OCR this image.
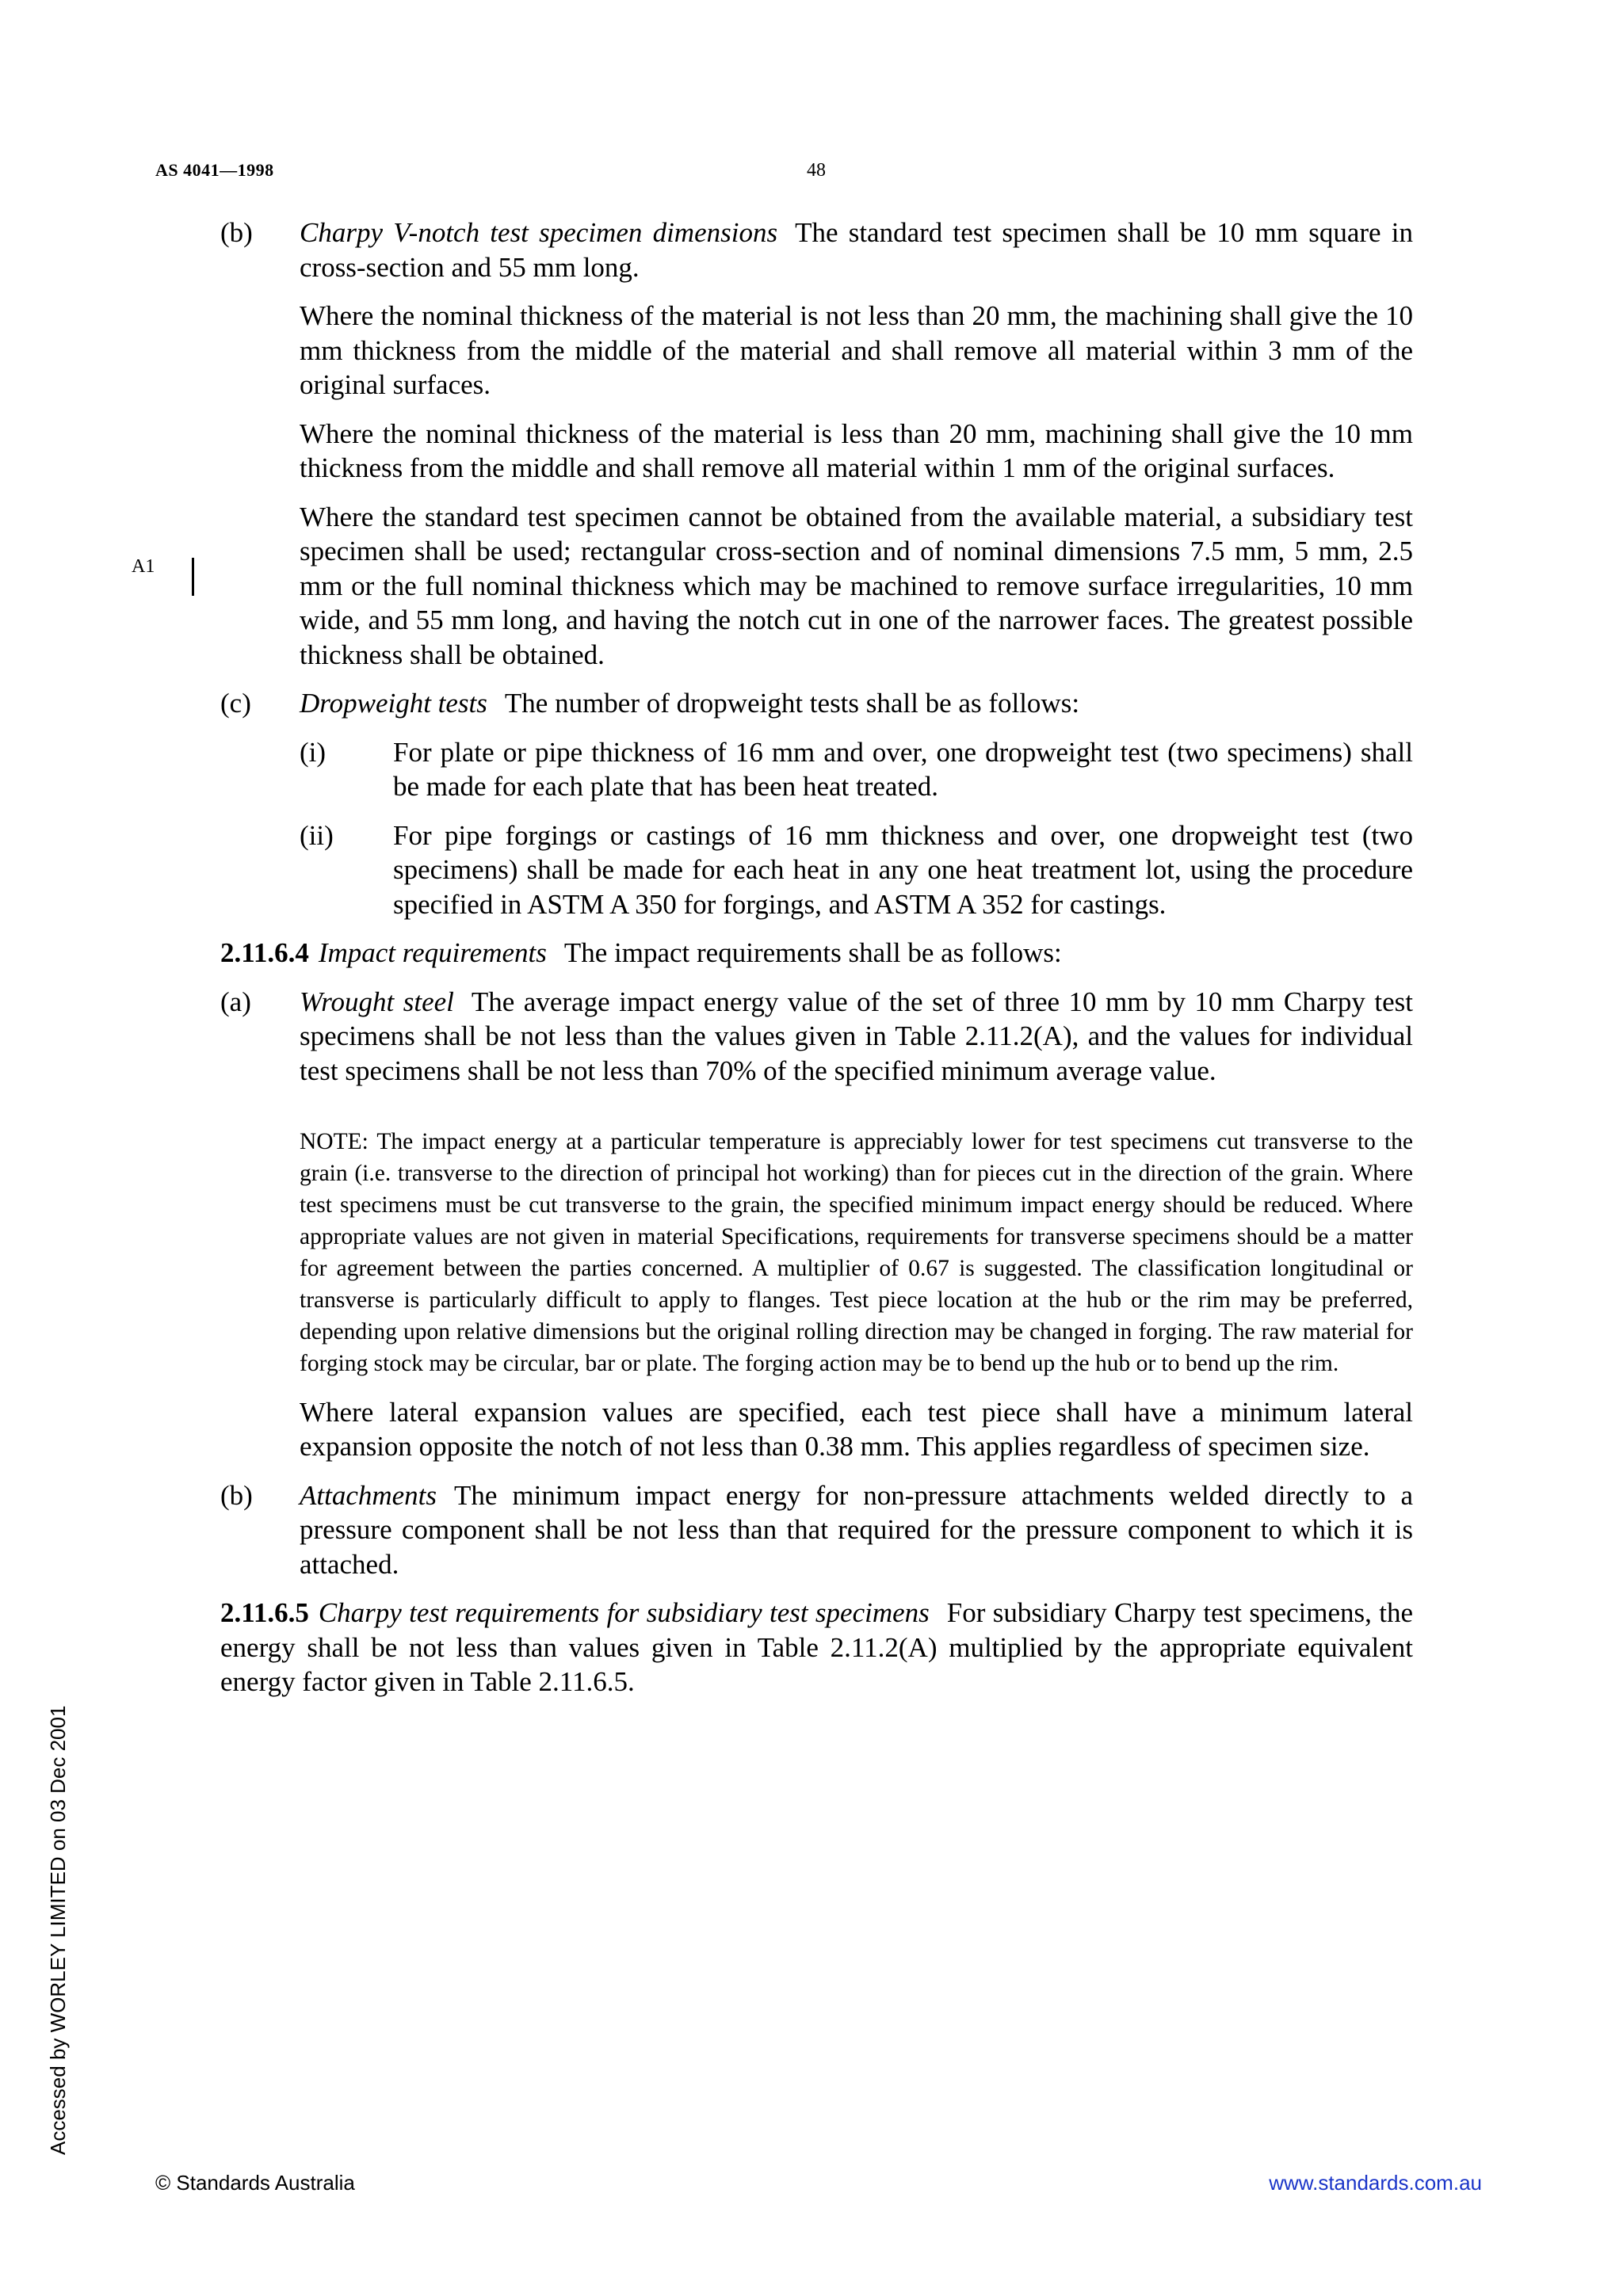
AS 4041—1998	48
A1
Accessed by WORLEY LIMITED on 03 Dec 2001
(b)	Charpy V-notch test specimen dimensions The standard test specimen shall be 10 mm square in cross-section and 55 mm long.

Where the nominal thickness of the material is not less than 20 mm, the machining shall give the 10 mm thickness from the middle of the material and shall remove all material within 3 mm of the original surfaces.

Where the nominal thickness of the material is less than 20 mm, machining shall give the 10 mm thickness from the middle and shall remove all material within 1 mm of the original surfaces.

Where the standard test specimen cannot be obtained from the available material, a subsidiary test specimen shall be used; rectangular cross-section and of nominal dimensions 7.5 mm, 5 mm, 2.5 mm or the full nominal thickness which may be machined to remove surface irregularities, 10 mm wide, and 55 mm long, and having the notch cut in one of the narrower faces. The greatest possible thickness shall be obtained.

(c)	Dropweight tests The number of dropweight tests shall be as follows:

(i)	For plate or pipe thickness of 16 mm and over, one dropweight test (two specimens) shall be made for each plate that has been heat treated.
(ii)	For pipe forgings or castings of 16 mm thickness and over, one dropweight test (two specimens) shall be made for each heat in any one heat treatment lot, using the procedure specified in ASTM A 350 for forgings, and ASTM A 352 for castings.

2.11.6.4 Impact requirements The impact requirements shall be as follows:

(a)	Wrought steel The average impact energy value of the set of three 10 mm by 10 mm Charpy test specimens shall be not less than the values given in Table 2.11.2(A), and the values for individual test specimens shall be not less than 70% of the specified minimum average value.

NOTE: The impact energy at a particular temperature is appreciably lower for test specimens cut transverse to the grain (i.e. transverse to the direction of principal hot working) than for pieces cut in the direction of the grain. Where test specimens must be cut transverse to the grain, the specified minimum impact energy should be reduced. Where appropriate values are not given in material Specifications, requirements for transverse specimens should be a matter for agreement between the parties concerned. A multiplier of 0.67 is suggested. The classification longitudinal or transverse is particularly difficult to apply to flanges. Test piece location at the hub or the rim may be preferred, depending upon relative dimensions but the original rolling direction may be changed in forging. The raw material for forging stock may be circular, bar or plate. The forging action may be to bend up the hub or to bend up the rim.

Where lateral expansion values are specified, each test piece shall have a minimum lateral expansion opposite the notch of not less than 0.38 mm. This applies regardless of specimen size.

(b)	Attachments The minimum impact energy for non-pressure attachments welded directly to a pressure component shall be not less than that required for the pressure component to which it is attached.

2.11.6.5 Charpy test requirements for subsidiary test specimens For subsidiary Charpy test specimens, the energy shall be not less than values given in Table 2.11.2(A) multiplied by the appropriate equivalent energy factor given in Table 2.11.6.5.

© Standards Australia	www.standards.com.au
